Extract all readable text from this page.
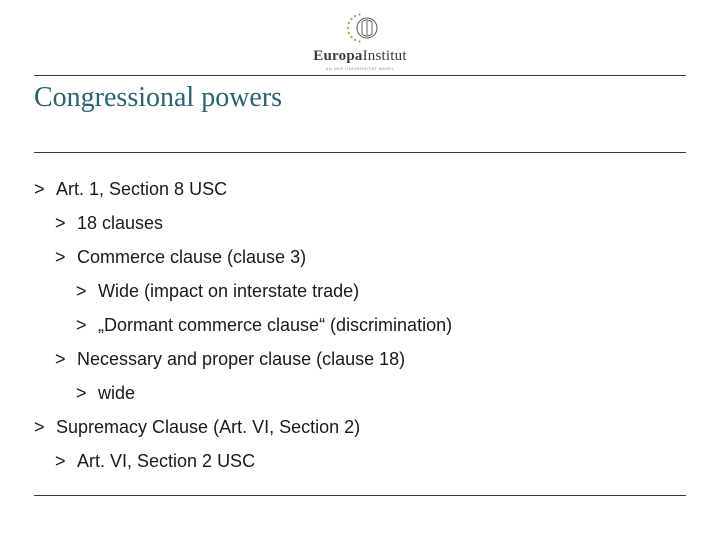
EuropaInstitut
AN DER UNIVERSITÄT BASEL
Congressional powers
> Art. 1, Section 8 USC
> 18 clauses
> Commerce clause (clause 3)
> Wide (impact on interstate trade)
> „Dormant commerce clause“ (discrimination)
> Necessary and proper clause (clause 18)
> wide
> Supremacy Clause (Art. VI, Section 2)
> Art. VI, Section 2 USC
